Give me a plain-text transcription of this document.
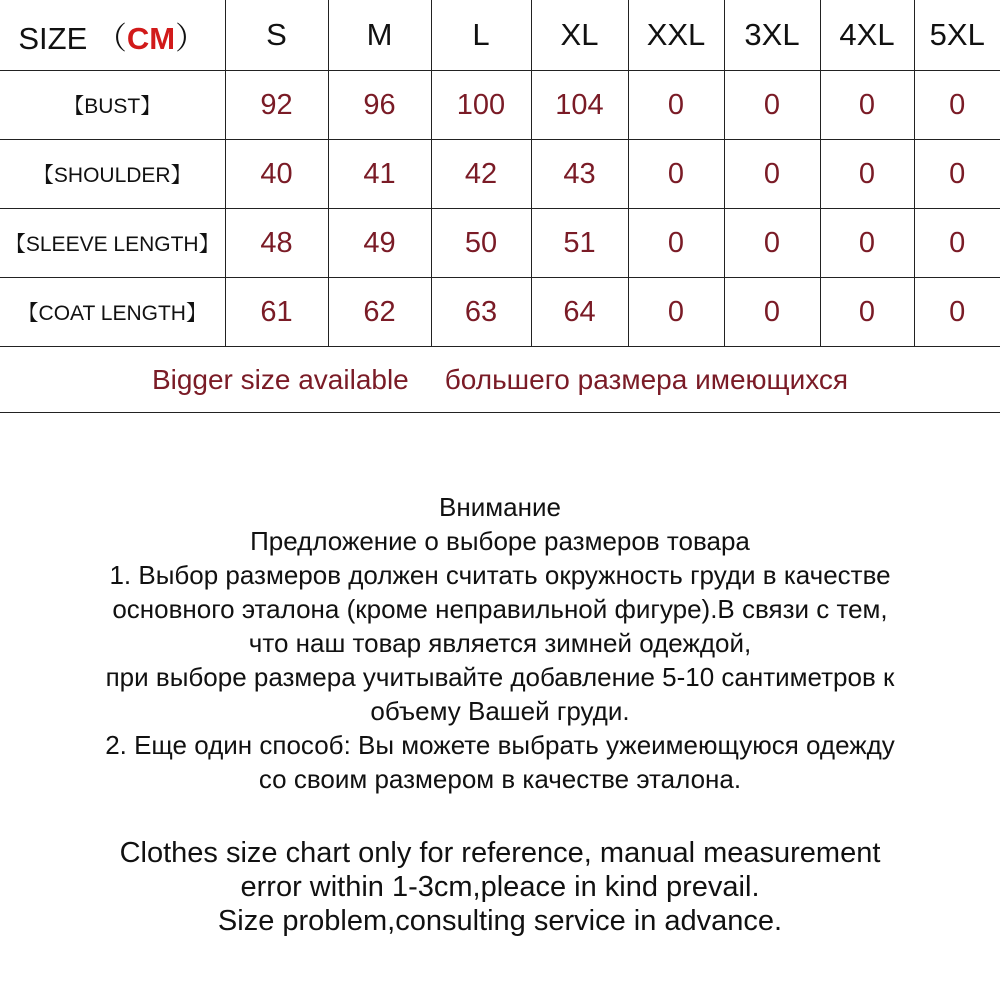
SIZE （CM）	S	M	L	XL	XXL	3XL	4XL	5XL
【BUST】	92	96	100	104	0	0	0	0
【SHOULDER】	40	41	42	43	0	0	0	0
【SLEEVE LENGTH】	48	49	50	51	0	0	0	0
【COAT LENGTH】	61	62	63	64	0	0	0	0
Bigger size available большего размера имеющихся								

Внимание

Предложение о выборе размеров товара

1. Выбор размеров должен считать окружность груди в качестве

основного эталона (кроме неправильной фигуре).В связи с тем,

что наш товар является зимней одеждой,

при выборе размера учитывайте добавление 5-10 сантиметров к

объему Вашей груди.

2. Еще один способ: Вы можете выбрать ужеимеющуюся одежду

со своим размером в качестве эталона.

Clothes size chart only for reference, manual measurement

error within 1-3cm,pleace in kind prevail.

Size problem,consulting service in advance.
